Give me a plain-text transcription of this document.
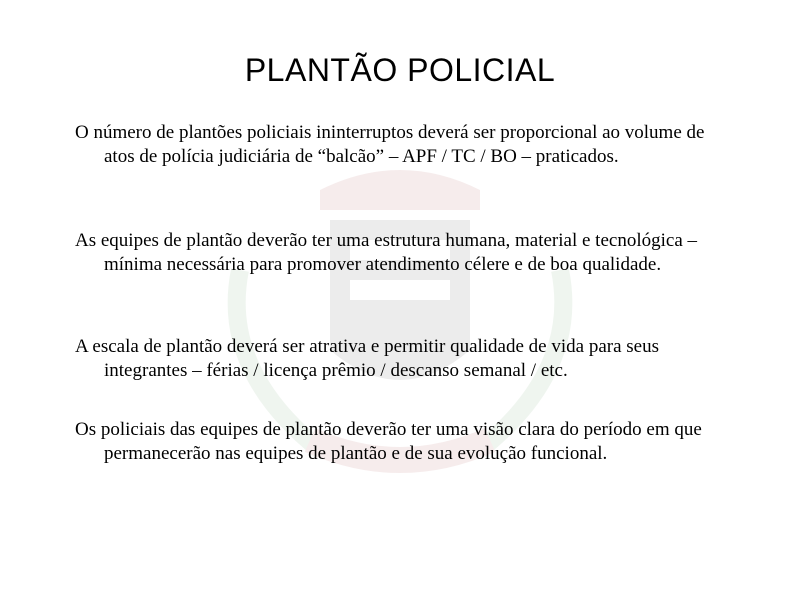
PLANTÃO POLICIAL

O número de plantões policiais ininterruptos deverá ser proporcional ao volume de atos de polícia judiciária de “balcão” – APF / TC / BO – praticados.

As equipes de plantão deverão ter uma estrutura humana, material e tecnológica – mínima necessária para promover atendimento célere e de boa qualidade.

A escala de plantão deverá ser atrativa e permitir qualidade de vida para seus integrantes – férias / licença prêmio / descanso semanal / etc.

Os policiais das equipes de plantão deverão ter uma visão clara do período em que permanecerão nas equipes de plantão e de sua evolução funcional.
